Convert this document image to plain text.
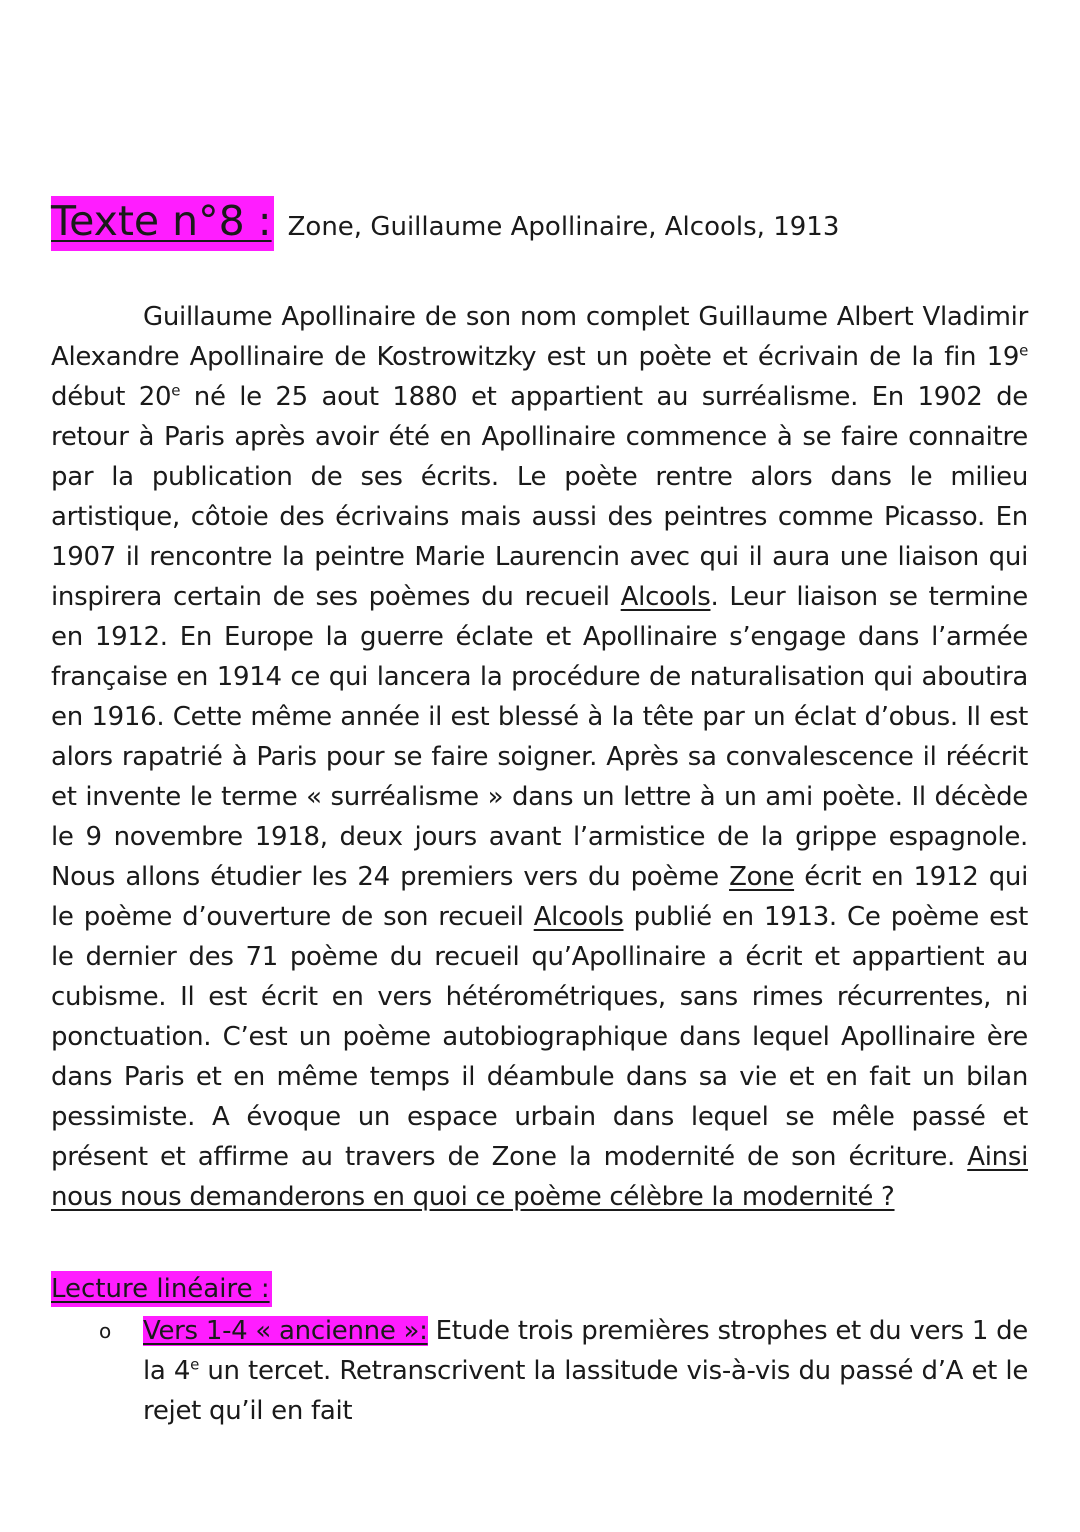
Texte n°8 : Zone, Guillaume Apollinaire, Alcools, 1913

Guillaume Apollinaire de son nom complet Guillaume Albert Vladimir Alexandre Apollinaire de Kostrowitzky est un poète et écrivain de la fin 19e début 20e né le 25 aout 1880 et appartient au surréalisme. En 1902 de retour à Paris après avoir été en Apollinaire commence à se faire connaitre par la publication de ses écrits. Le poète rentre alors dans le milieu artistique, côtoie des écrivains mais aussi des peintres comme Picasso. En 1907 il rencontre la peintre Marie Laurencin avec qui il aura une liaison qui inspirera certain de ses poèmes du recueil Alcools. Leur liaison se termine en 1912. En Europe la guerre éclate et Apollinaire s’engage dans l’armée française en 1914 ce qui lancera la procédure de naturalisation qui aboutira en 1916. Cette même année il est blessé à la tête par un éclat d’obus. Il est alors rapatrié à Paris pour se faire soigner. Après sa convalescence il réécrit et invente le terme « surréalisme » dans un lettre à un ami poète. Il décède le 9 novembre 1918, deux jours avant l’armistice de la grippe espagnole. Nous allons étudier les 24 premiers vers du poème Zone écrit en 1912 qui le poème d’ouverture de son recueil Alcools publié en 1913. Ce poème est le dernier des 71 poème du recueil qu’Apollinaire a écrit et appartient au cubisme. Il est écrit en vers hétérométriques, sans rimes récurrentes, ni ponctuation. C’est un poème autobiographique dans lequel Apollinaire ère dans Paris et en même temps il déambule dans sa vie et en fait un bilan pessimiste. A évoque un espace urbain dans lequel se mêle passé et présent et affirme au travers de Zone la modernité de son écriture. Ainsi nous nous demanderons en quoi ce poème célèbre la modernité ?

Lecture linéaire :
o Vers 1-4 « ancienne »: Etude trois premières strophes et du vers 1 de la 4e un tercet. Retranscrivent la lassitude vis-à-vis du passé d’A et le rejet qu’il en fait
